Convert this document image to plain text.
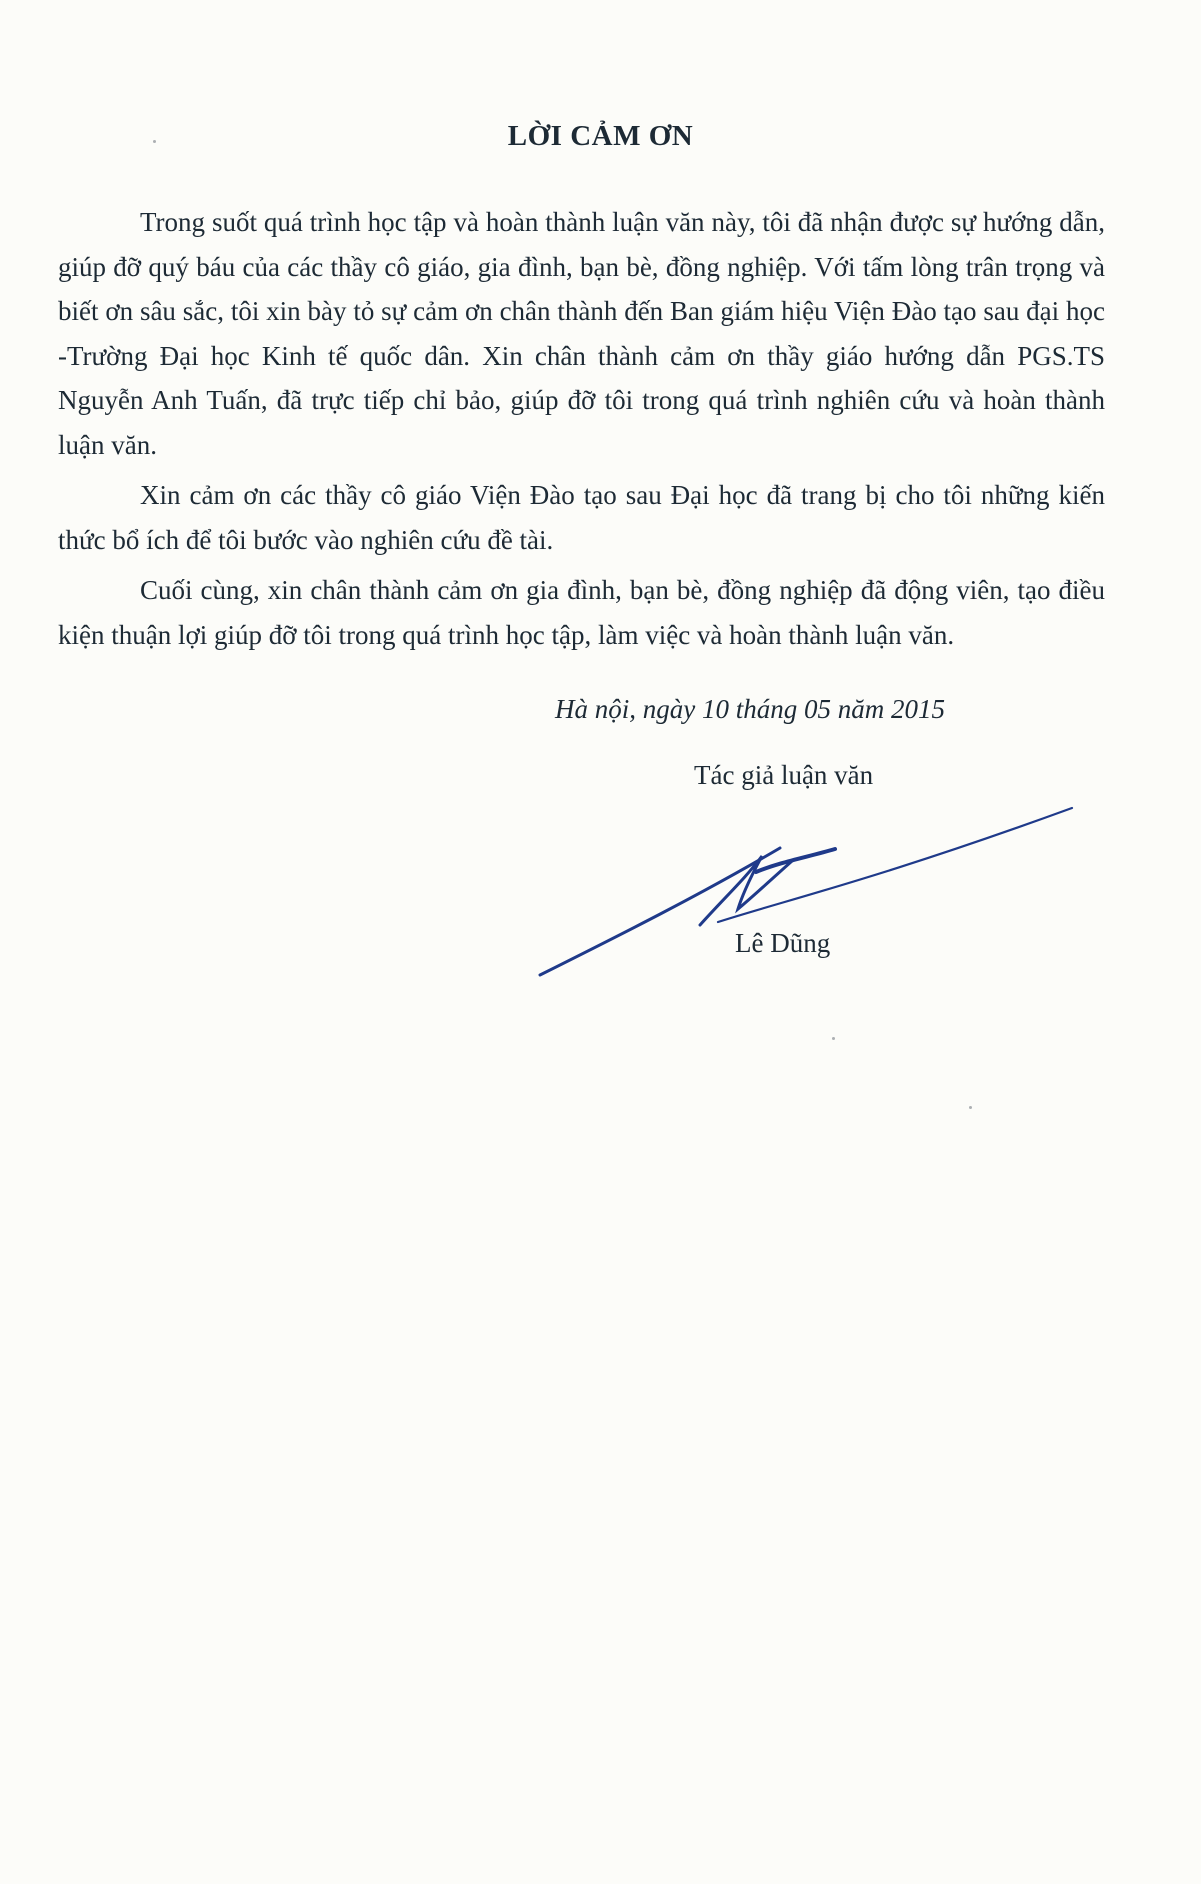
LỜI CẢM ƠN

Trong suốt quá trình học tập và hoàn thành luận văn này, tôi đã nhận được sự hướng dẫn, giúp đỡ quý báu của các thầy cô giáo, gia đình, bạn bè, đồng nghiệp. Với tấm lòng trân trọng và biết ơn sâu sắc, tôi xin bày tỏ sự cảm ơn chân thành đến Ban giám hiệu Viện Đào tạo sau đại học -Trường Đại học Kinh tế quốc dân. Xin chân thành cảm ơn thầy giáo hướng dẫn PGS.TS Nguyễn Anh Tuấn, đã trực tiếp chỉ bảo, giúp đỡ tôi trong quá trình nghiên cứu và hoàn thành luận văn.

Xin cảm ơn các thầy cô giáo Viện Đào tạo sau Đại học đã trang bị cho tôi những kiến thức bổ ích để tôi bước vào nghiên cứu đề tài.

Cuối cùng, xin chân thành cảm ơn gia đình, bạn bè, đồng nghiệp đã động viên, tạo điều kiện thuận lợi giúp đỡ tôi trong quá trình học tập, làm việc và hoàn thành luận văn.

Hà nội, ngày 10 tháng 05 năm 2015
Tác giả luận văn
Lê Dũng
